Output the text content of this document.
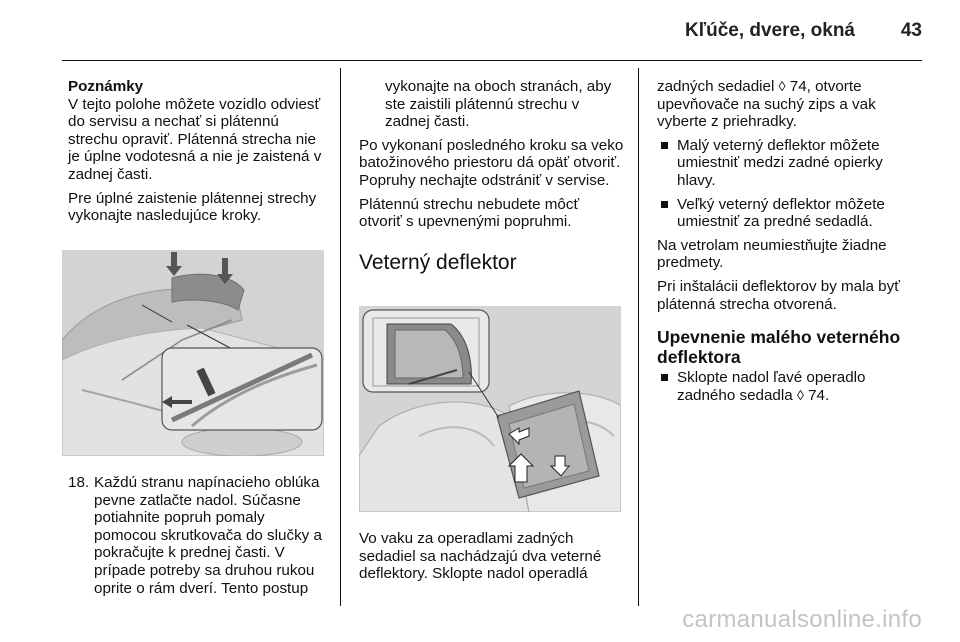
Kľúče, dvere, okná 43

Poznámky
V tejto polohe môžete vozidlo odviesť do servisu a nechať si plátennú strechu opraviť. Plátenná strecha nie je úplne vodotesná a nie je zaistená v zadnej časti.

Pre úplné zaistenie plátennej strechy vykonajte nasledujúce kroky.

18. Každú stranu napínacieho oblúka pevne zatlačte nadol. Súčasne potiahnite popruh pomaly pomocou skrutkovača do slučky a pokračujte k prednej časti. V prípade potreby sa druhou rukou oprite o rám dverí. Tento postup

vykonajte na oboch stranách, aby ste zaistili plátennú strechu v zadnej časti.

Po vykonaní posledného kroku sa veko batožinového priestoru dá opäť otvoriť. Popruhy nechajte odstrániť v servise.

Plátennú strechu nebudete môcť otvoriť s upevnenými popruhmi.

Veterný deflektor

Vo vaku za operadlami zadných sedadiel sa nachádzajú dva veterné deflektory. Sklopte nadol operadlá

zadných sedadiel ◊ 74, otvorte upevňovače na suchý zips a vak vyberte z priehradky.

Malý veterný deflektor môžete umiestniť medzi zadné opierky hlavy.

Veľký veterný deflektor môžete umiestniť za predné sedadlá.

Na vetrolam neumiestňujte žiadne predmety.

Pri inštalácii deflektorov by mala byť plátenná strecha otvorená.

Upevnenie malého veterného deflektora

Sklopte nadol ľavé operadlo zadného sedadla ◊ 74.

carmanualsonline.info
